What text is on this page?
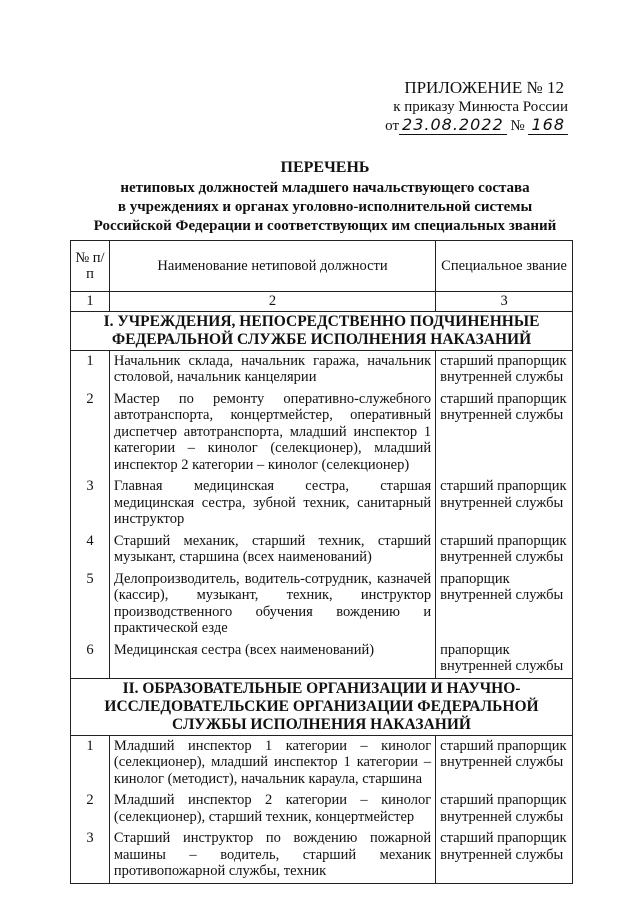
ПРИЛОЖЕНИЕ № 12
к приказу Минюста России
от 23.08.2022 № 168
ПЕРЕЧЕНЬ
нетиповых должностей младшего начальствующего состава
в учреждениях и органах уголовно-исполнительной системы
Российской Федерации и соответствующих им специальных званий
№ п/п	Наименование нетиповой должности	Специальное звание
1	2	3
I. УЧРЕЖДЕНИЯ, НЕПОСРЕДСТВЕННО ПОДЧИНЕННЫЕ ФЕДЕРАЛЬНОЙ СЛУЖБЕ ИСПОЛНЕНИЯ НАКАЗАНИЙ		
1	Начальник склада, начальник гаража, начальник столовой, начальник канцелярии	старший прапорщик внутренней службы
2	Мастер по ремонту оперативно-служебного автотранспорта, концертмейстер, оперативный диспетчер автотранспорта, младший инспектор 1 категории – кинолог (селекционер), младший инспектор 2 категории – кинолог (селекционер)	старший прапорщик внутренней службы
3	Главная медицинская сестра, старшая медицинская сестра, зубной техник, санитарный инструктор	старший прапорщик внутренней службы
4	Старший механик, старший техник, старший музыкант, старшина (всех наименований)	старший прапорщик внутренней службы
5	Делопроизводитель, водитель-сотрудник, казначей (кассир), музыкант, техник, инструктор производственного обучения вождению и практической езде	прапорщик внутренней службы
6	Медицинская сестра (всех наименований)	прапорщик внутренней службы
II. ОБРАЗОВАТЕЛЬНЫЕ ОРГАНИЗАЦИИ И НАУЧНО-ИССЛЕДОВАТЕЛЬСКИЕ ОРГАНИЗАЦИИ ФЕДЕРАЛЬНОЙ СЛУЖБЫ ИСПОЛНЕНИЯ НАКАЗАНИЙ		
1	Младший инспектор 1 категории – кинолог (селекционер), младший инспектор 1 категории – кинолог (методист), начальник караула, старшина	старший прапорщик внутренней службы
2	Младший инспектор 2 категории – кинолог (селекционер), старший техник, концертмейстер	старший прапорщик внутренней службы
3	Старший инструктор по вождению пожарной машины – водитель, старший механик противопожарной службы, техник	старший прапорщик внутренней службы
